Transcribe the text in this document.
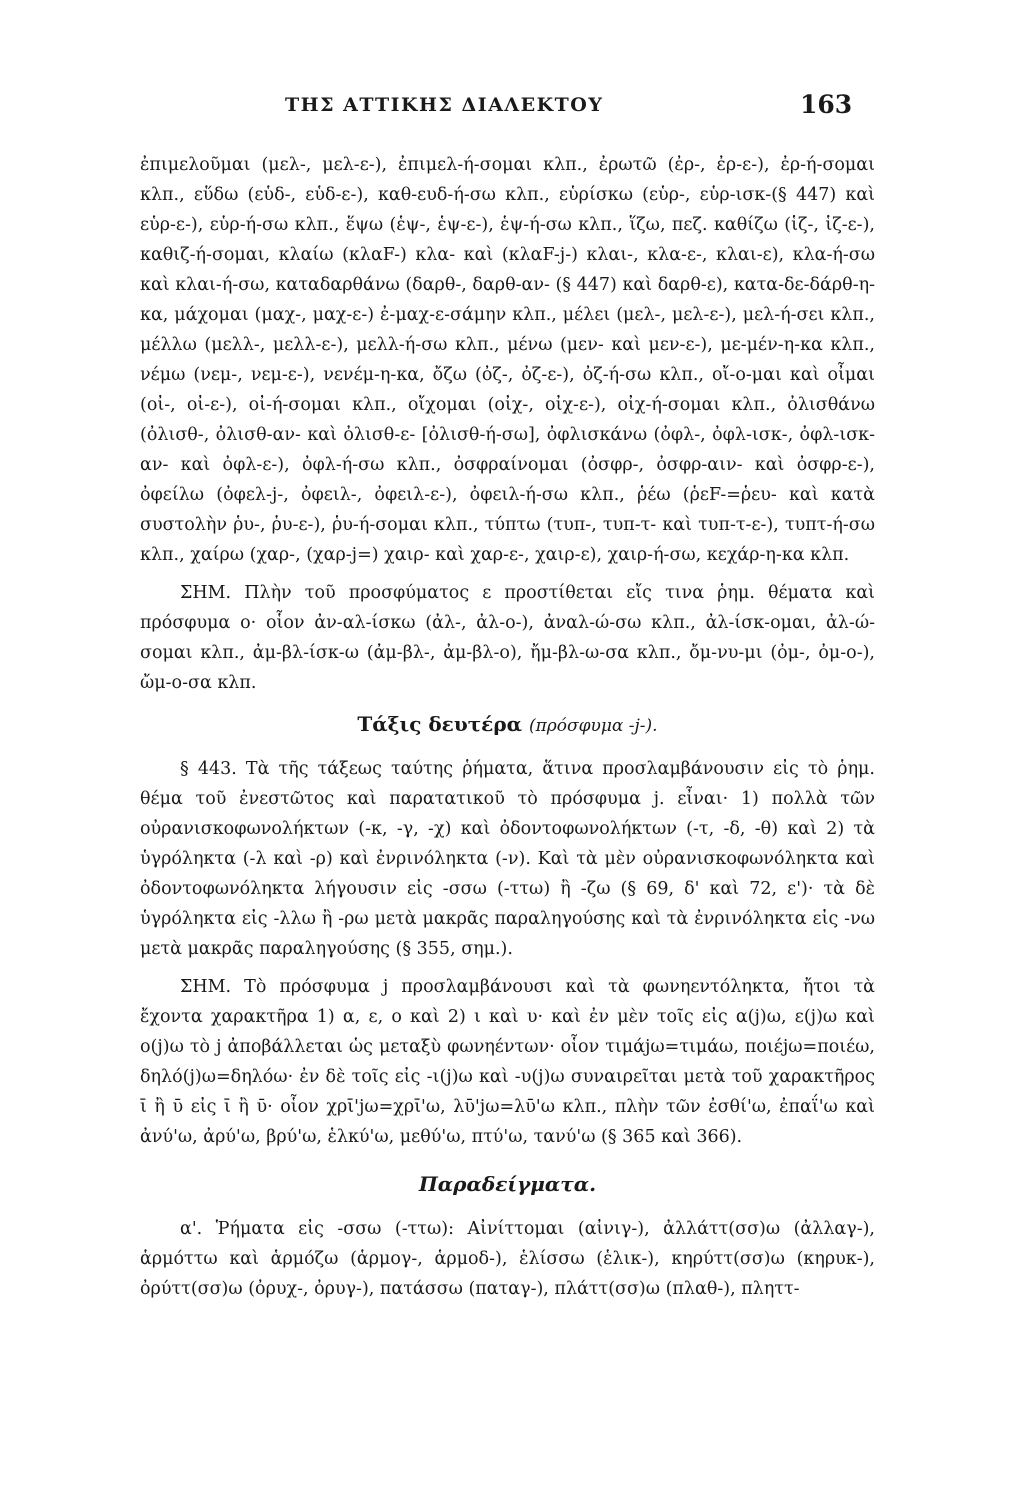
ΤΗΣ ΑΤΤΙΚΗΣ ΔΙΑΛΕΚΤΟΥ	163

ἐπιμελοῦμαι (μελ-, μελ-ε-), ἐπιμελ-ή-σομαι κλπ., ἐρωτῶ (ἐρ-, ἐρ-ε-), ἐρ-ή-σομαι κλπ., εὕδω (εὑδ-, εὑδ-ε-), καθ-ευδ-ή-σω κλπ., εὑρίσκω (εὑρ-, εὑρ-ισκ-(§ 447) καὶ εὑρ-ε-), εὑρ-ή-σω κλπ., ἕψω (ἑψ-, ἑψ-ε-), ἑψ-ή-σω κλπ., ἵζω, πεζ. καθίζω (ἱζ-, ἱζ-ε-), καθιζ-ή-σομαι, κλαίω (κλαF-) κλα- καὶ (κλαF-j-) κλαι-, κλα-ε-, κλαι-ε), κλα-ή-σω καὶ κλαι-ή-σω, καταδαρθάνω (δαρθ-, δαρθ-αν- (§ 447) καὶ δαρθ-ε), κατα-δε-δάρθ-η-κα, μάχομαι (μαχ-, μαχ-ε-) ἐ-μαχ-ε-σάμην κλπ., μέλει (μελ-, μελ-ε-), μελ-ή-σει κλπ., μέλλω (μελλ-, μελλ-ε-), μελλ-ή-σω κλπ., μένω (μεν- καὶ μεν-ε-), με-μέν-η-κα κλπ., νέμω (νεμ-, νεμ-ε-), νενέμ-η-κα, ὄζω (ὀζ-, ὀζ-ε-), ὀζ-ή-σω κλπ., οἴ-ο-μαι καὶ οἶμαι (οἰ-, οἰ-ε-), οἰ-ή-σομαι κλπ., οἴχομαι (οἰχ-, οἰχ-ε-), οἰχ-ή-σομαι κλπ., ὀλισθάνω (ὀλισθ-, ὀλισθ-αν- καὶ ὀλισθ-ε- [ὀλισθ-ή-σω], ὀφλισκάνω (ὀφλ-, ὀφλ-ισκ-, ὀφλ-ισκ-αν- καὶ ὀφλ-ε-), ὀφλ-ή-σω κλπ., ὀσφραίνομαι (ὀσφρ-, ὀσφρ-αιν- καὶ ὀσφρ-ε-), ὀφείλω (ὀφελ-j-, ὀφειλ-, ὀφειλ-ε-), ὀφειλ-ή-σω κλπ., ῥέω (ῥεF-=ῥευ- καὶ κατὰ συστολὴν ῥυ-, ῥυ-ε-), ῥυ-ή-σομαι κλπ., τύπτω (τυπ-, τυπ-τ- καὶ τυπ-τ-ε-), τυπτ-ή-σω κλπ., χαίρω (χαρ-, (χαρ-j=) χαιρ- καὶ χαρ-ε-, χαιρ-ε), χαιρ-ή-σω, κεχάρ-η-κα κλπ.

ΣΗΜ. Πλὴν τοῦ προσφύματος ε προστίθεται εἴς τινα ῥημ. θέματα καὶ πρόσφυμα ο· οἷον ἀν-αλ-ίσκω (ἀλ-, ἀλ-ο-), ἀναλ-ώ-σω κλπ., ἀλ-ίσκ-ομαι, ἀλ-ώ-σομαι κλπ., ἀμ-βλ-ίσκ-ω (ἀμ-βλ-, ἀμ-βλ-ο), ἤμ-βλ-ω-σα κλπ., ὄμ-νυ-μι (ὀμ-, ὀμ-ο-), ὤμ-ο-σα κλπ.

Τάξις δευτέρα (πρόσφυμα -j-).

§ 443. Τὰ τῆς τάξεως ταύτης ῥήματα, ἅτινα προσλαμβάνουσιν εἰς τὸ ῥημ. θέμα τοῦ ἐνεστῶτος καὶ παρατατικοῦ τὸ πρόσφυμα j. εἶναι· 1) πολλὰ τῶν οὐρανισκοφωνολήκτων (-κ, -γ, -χ) καὶ ὀδοντοφωνολήκτων (-τ, -δ, -θ) καὶ 2) τὰ ὑγρόληκτα (-λ καὶ -ρ) καὶ ἐνρινόληκτα (-ν). Καὶ τὰ μὲν οὐρανισκοφωνόληκτα καὶ ὀδοντοφωνόληκτα λήγουσιν εἰς -σσω (-ττω) ἢ -ζω (§ 69, δ' καὶ 72, ε')· τὰ δὲ ὑγρόληκτα εἰς -λλω ἢ -ρω μετὰ μακρᾶς παραληγούσης καὶ τὰ ἐνρινόληκτα εἰς -νω μετὰ μακρᾶς παραληγούσης (§ 355, σημ.).

ΣΗΜ. Τὸ πρόσφυμα j προσλαμβάνουσι καὶ τὰ φωνηεντόληκτα, ἤτοι τὰ ἔχοντα χαρακτῆρα 1) α, ε, ο καὶ 2) ι καὶ υ· καὶ ἐν μὲν τοῖς εἰς α(j)ω, ε(j)ω καὶ ο(j)ω τὸ j ἀποβάλλεται ὡς μεταξὺ φωνηέντων· οἷον τιμάjω=τιμάω, ποιέjω=ποιέω, δηλό(j)ω=δηλόω· ἐν δὲ τοῖς εἰς -ι(j)ω καὶ -υ(j)ω συναιρεῖται μετὰ τοῦ χαρακτῆρος ῑ ἢ ῡ εἰς ῑ ἢ ῡ· οἷον χρῑ'jω=χρῑ'ω, λῡ'jω=λῡ'ω κλπ., πλὴν τῶν ἐσθί'ω, ἐπαΐ'ω καὶ ἀνύ'ω, ἀρύ'ω, βρύ'ω, ἑλκύ'ω, μεθύ'ω, πτύ'ω, τανύ'ω (§ 365 καὶ 366).

Παραδείγματα.

α'. Ῥήματα εἰς -σσω (-ττω): Αἰνίττομαι (αἰνιγ-), ἀλλάττ(σσ)ω (ἀλλαγ-), ἁρμόττω καὶ ἁρμόζω (ἁρμογ-, ἁρμοδ-), ἑλίσσω (ἑλικ-), κηρύττ(σσ)ω (κηρυκ-), ὀρύττ(σσ)ω (ὀρυχ-, ὀρυγ-), πατάσσω (παταγ-), πλάττ(σσ)ω (πλαθ-), πληττ-
